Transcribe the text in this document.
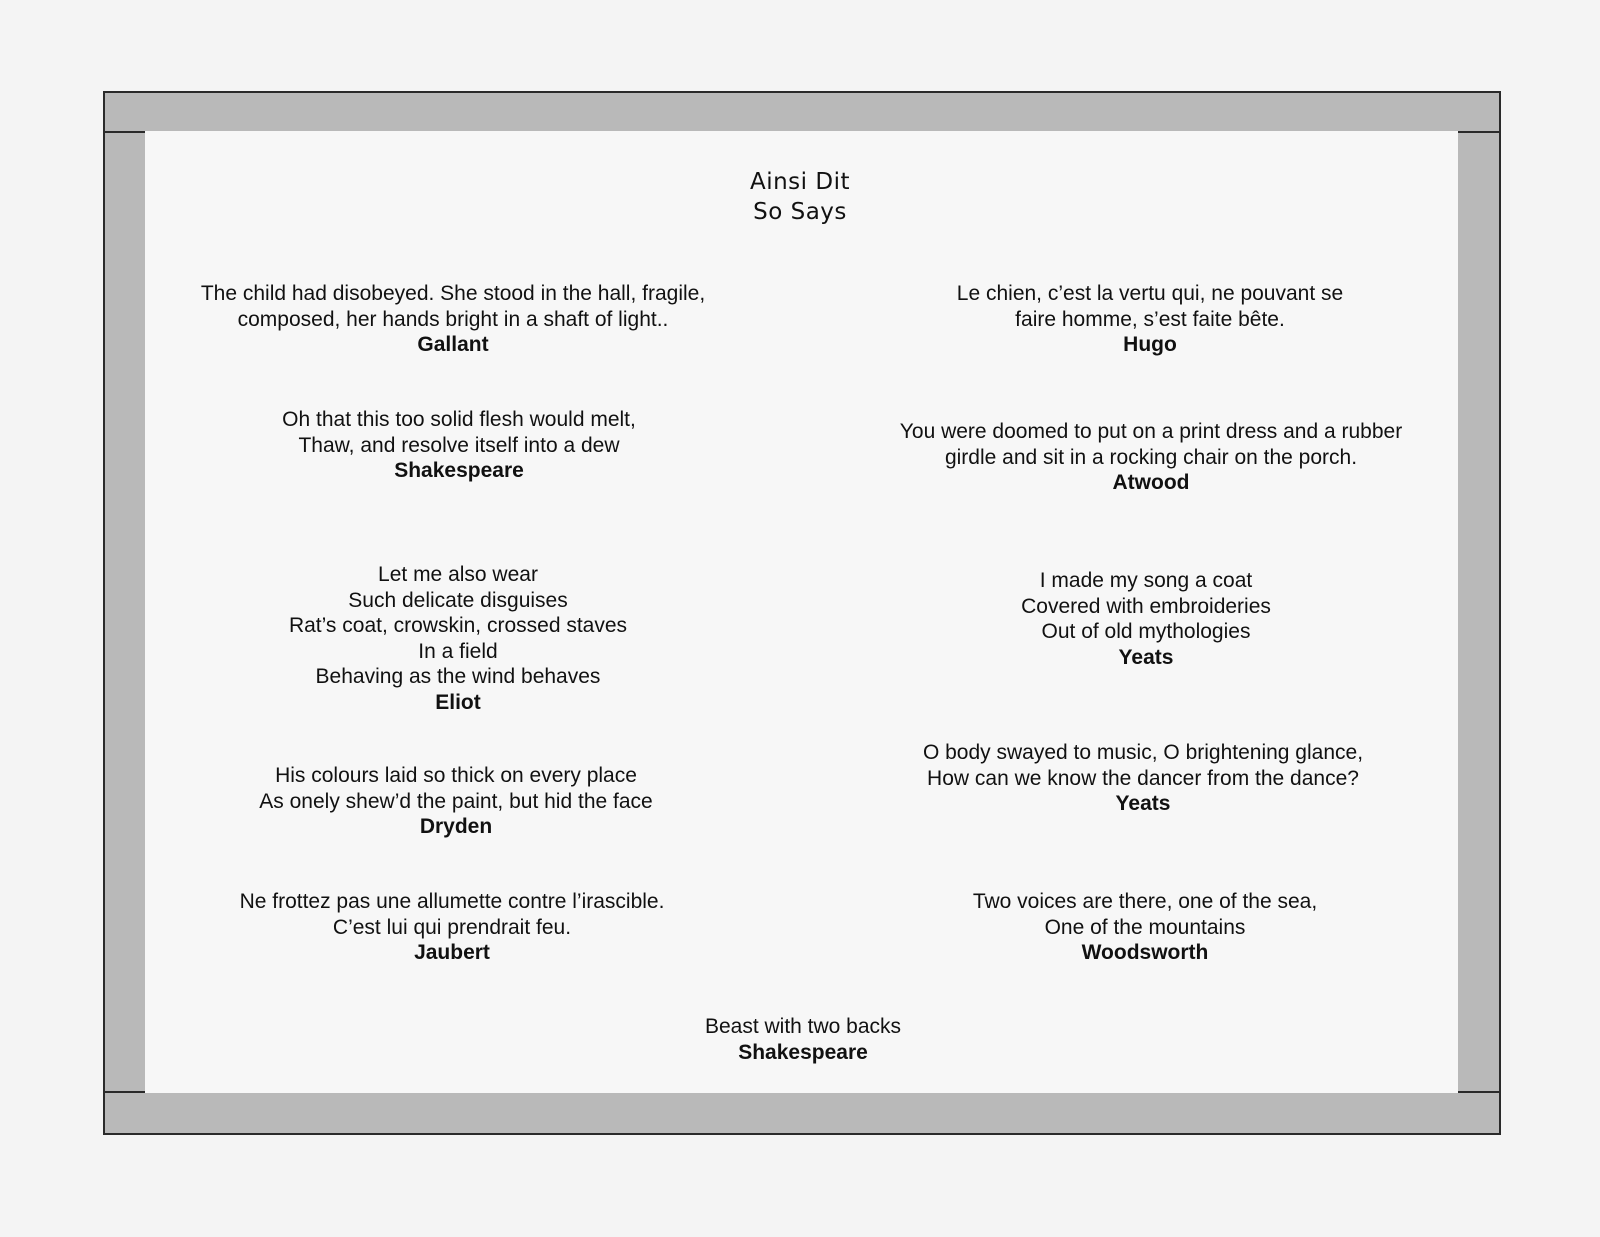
Ainsi Dit
So Says
The child had disobeyed. She stood in the hall, fragile,
composed, her hands bright in a shaft of light..
Gallant
Le chien, c’est la vertu qui, ne pouvant se
faire homme, s’est faite bête.
Hugo
Oh that this too solid flesh would melt,
Thaw, and resolve itself into a dew
Shakespeare
You were doomed to put on a print dress and a rubber
girdle and sit in a rocking chair on the porch.
Atwood
Let me also wear
Such delicate disguises
Rat’s coat, crowskin, crossed staves
In a field
Behaving as the wind behaves
Eliot
I made my song a coat
Covered with embroideries
Out of old mythologies
Yeats
His colours laid so thick on every place
As onely shew’d the paint, but hid the face
Dryden
O body swayed to music, O brightening glance,
How can we know the dancer from the dance?
Yeats
Ne frottez pas une allumette contre l’irascible.
C’est lui qui prendrait feu.
Jaubert
Two voices are there, one of the sea,
One of the mountains
Woodsworth
Beast with two backs
Shakespeare
